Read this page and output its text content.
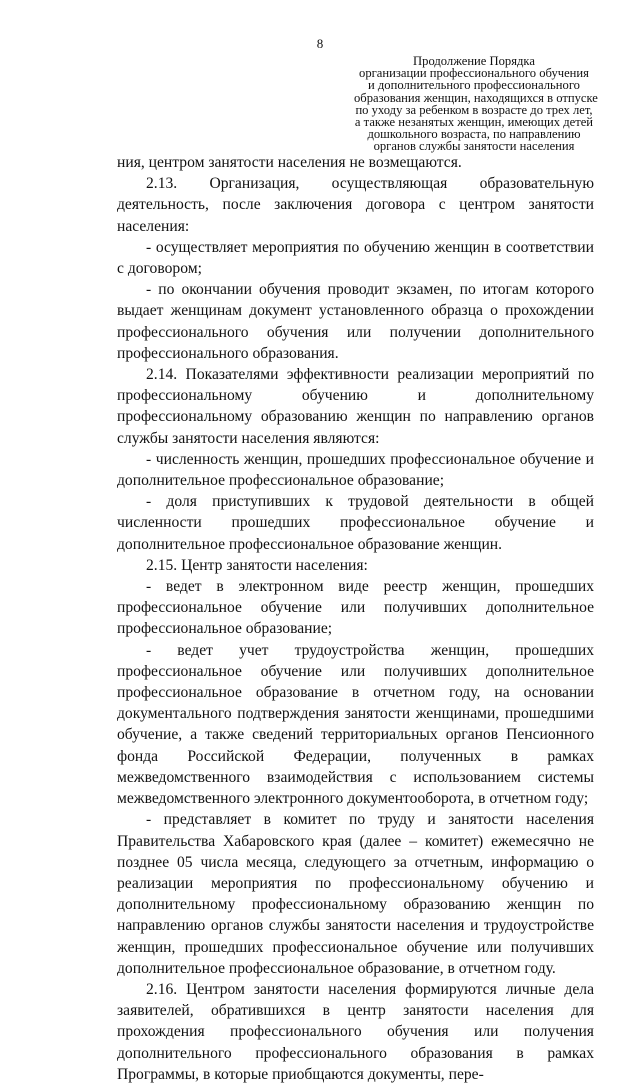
8
Продолжение Порядка
организации профессионального обучения
и дополнительного профессионального
образования женщин, находящихся в отпуске
по уходу за ребенком в возрасте до трех лет,
а также незанятых женщин, имеющих детей
дошкольного возраста, по направлению
органов службы занятости населения

ния, центром занятости населения не возмещаются.

2.13. Организация, осуществляющая образовательную деятельность, после заключения договора с центром занятости населения:

- осуществляет мероприятия по обучению женщин в соответствии с договором;

- по окончании обучения проводит экзамен, по итогам которого выдает женщинам документ установленного образца о прохождении профессионального обучения или получении дополнительного профессионального образования.

2.14. Показателями эффективности реализации мероприятий по профессиональному обучению и дополнительному профессиональному образованию женщин по направлению органов службы занятости населения являются:

- численность женщин, прошедших профессиональное обучение и дополнительное профессиональное образование;

- доля приступивших к трудовой деятельности в общей численности прошедших профессиональное обучение и дополнительное профессиональное образование женщин.

2.15. Центр занятости населения:

- ведет в электронном виде реестр женщин, прошедших профессиональное обучение или получивших дополнительное профессиональное образование;

- ведет учет трудоустройства женщин, прошедших профессиональное обучение или получивших дополнительное профессиональное образование в отчетном году, на основании документального подтверждения занятости женщинами, прошедшими обучение, а также сведений территориальных органов Пенсионного фонда Российской Федерации, полученных в рамках межведомственного взаимодействия с использованием системы межведомственного электронного документооборота, в отчетном году;

- представляет в комитет по труду и занятости населения Правительства Хабаровского края (далее – комитет) ежемесячно не позднее 05 числа месяца, следующего за отчетным, информацию о реализации мероприятия по профессиональному обучению и дополнительному профессиональному образованию женщин по направлению органов службы занятости населения и трудоустройстве женщин, прошедших профессиональное обучение или получивших дополнительное профессиональное образование, в отчетном году.

2.16. Центром занятости населения формируются личные дела заявителей, обратившихся в центр занятости населения для прохождения профессионального обучения или получения дополнительного профессионального образования в рамках Программы, в которые приобщаются документы, пере-
